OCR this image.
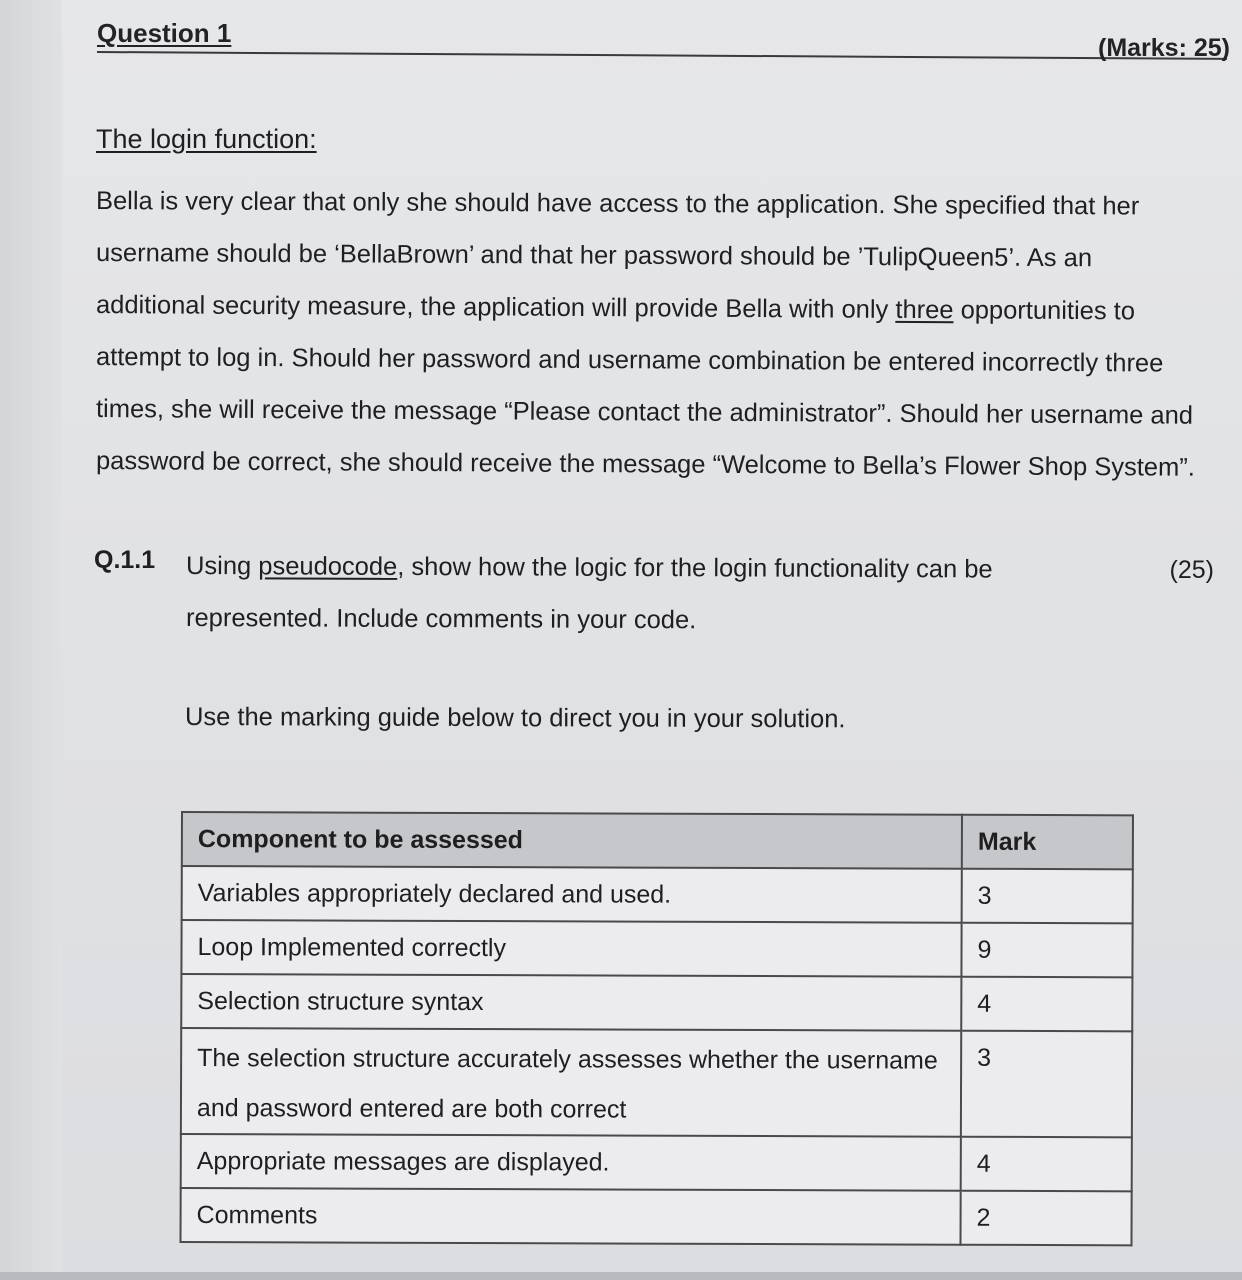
Question 1	(Marks: 25)
The login function:

Bella is very clear that only she should have access to the application. She specified that her
username should be ‘BellaBrown’ and that her password should be ’TulipQueen5’. As an
additional security measure, the application will provide Bella with only three opportunities to
attempt to log in. Should her password and username combination be entered incorrectly three
times, she will receive the message “Please contact the administrator”. Should her username and
password be correct, she should receive the message “Welcome to Bella’s Flower Shop System”.

Q.1.1 Using pseudocode, show how the logic for the login functionality can be
represented. Include comments in your code.

(25)
Use the marking guide below to direct you in your solution.
Component to be assessed	Mark
Variables appropriately declared and used.	3
Loop Implemented correctly	9
Selection structure syntax	4
The selection structure accurately assesses whether the username and password entered are both correct	3
Appropriate messages are displayed.	4
Comments	2
